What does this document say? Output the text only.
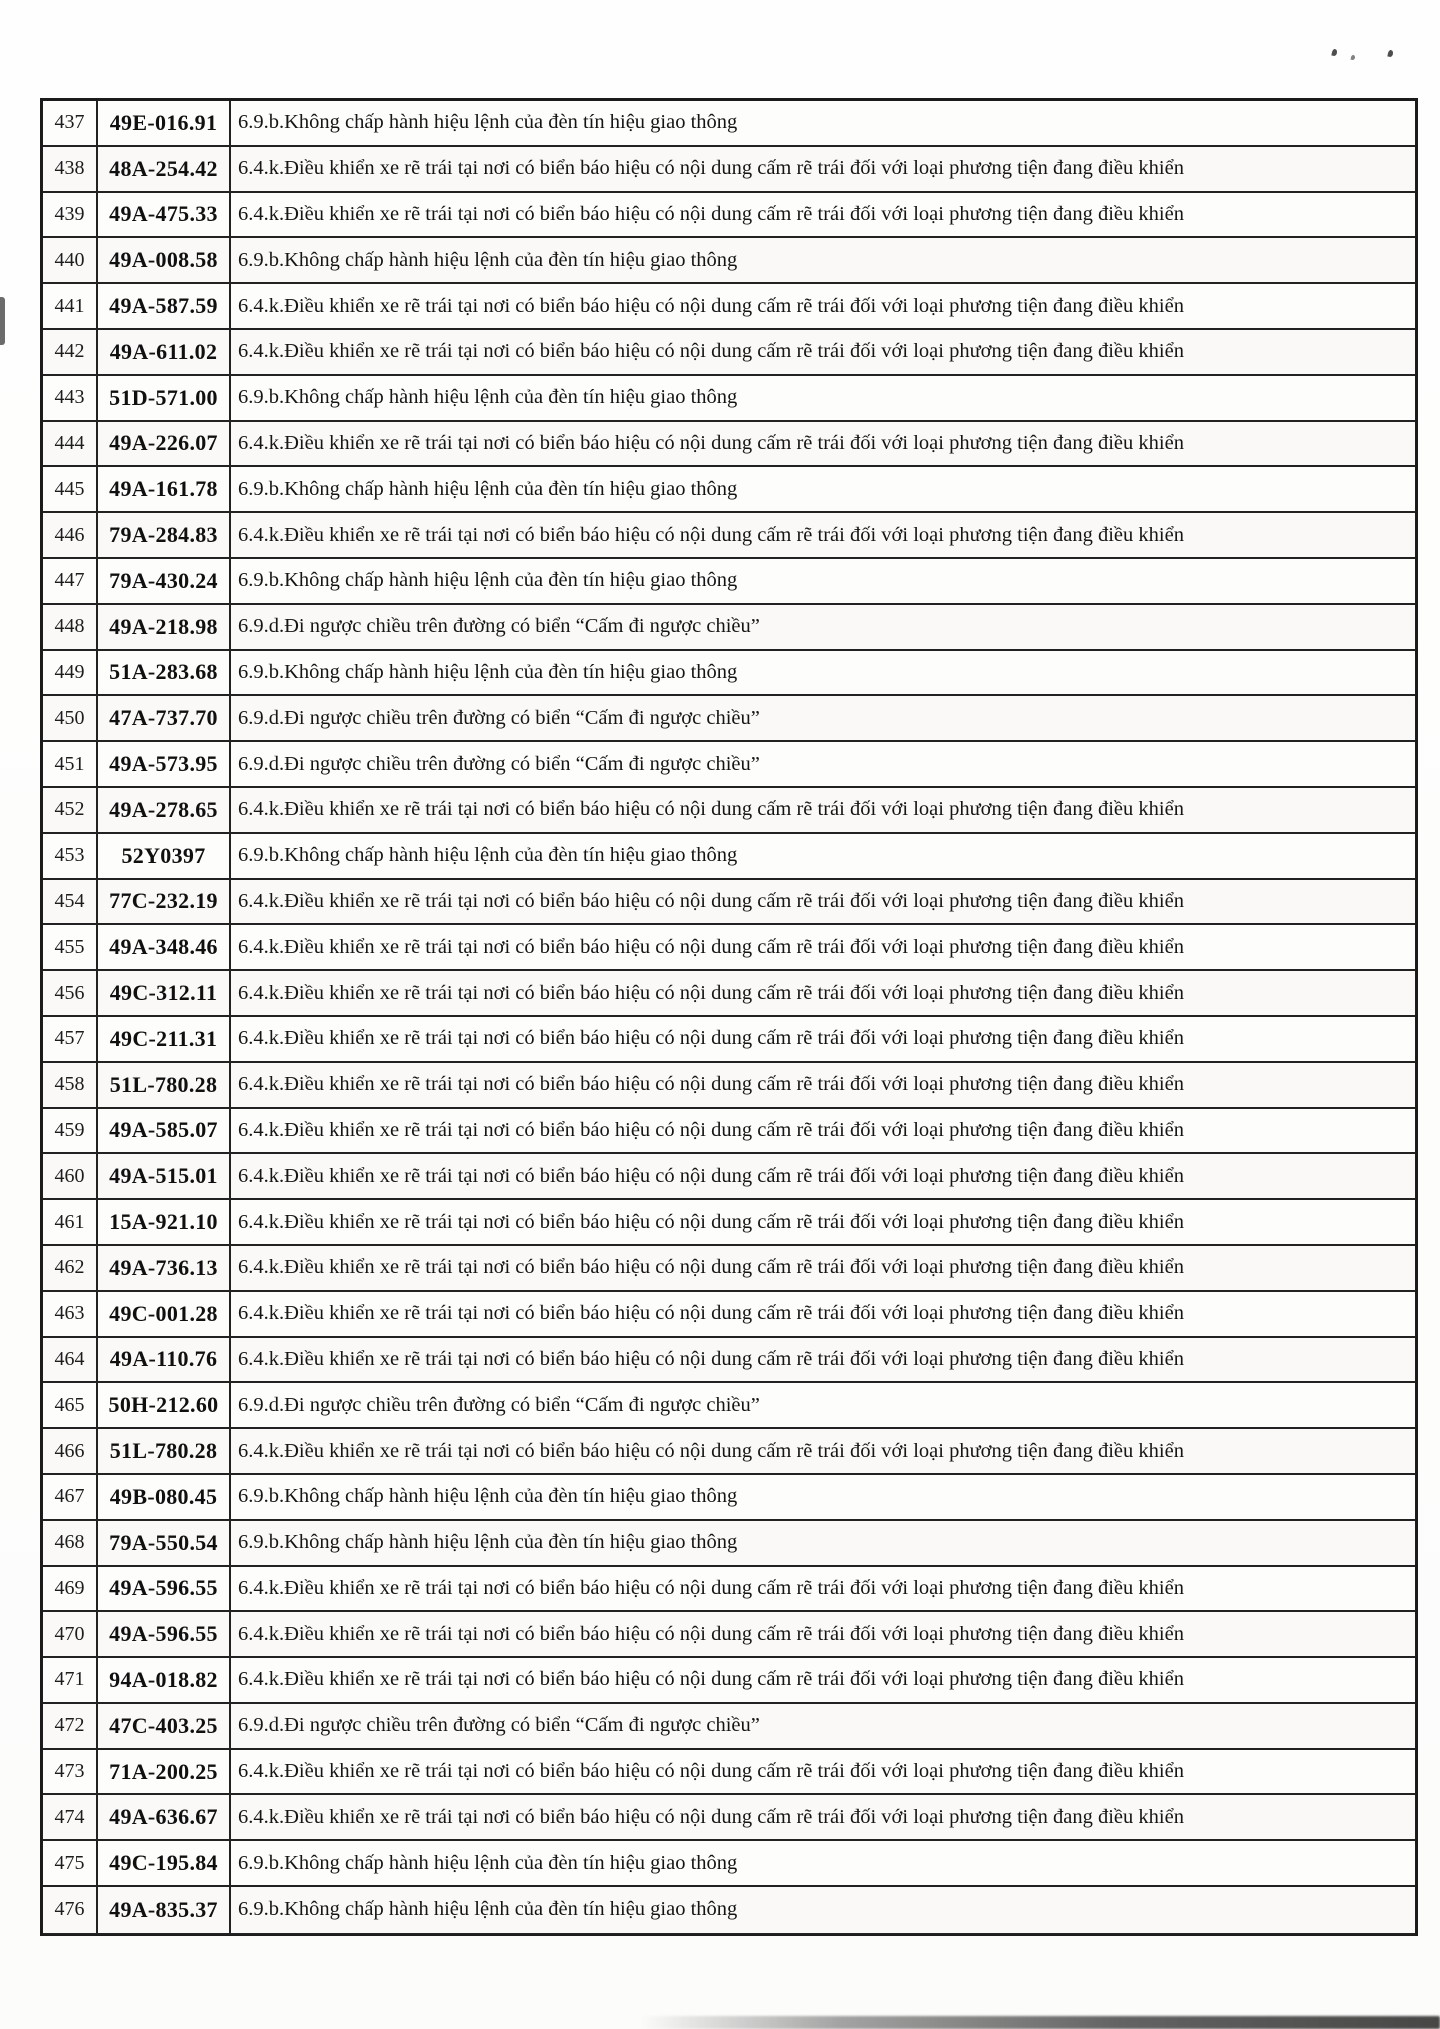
437	49E-016.91	6.9.b.Không chấp hành hiệu lệnh của đèn tín hiệu giao thông
438	48A-254.42 6.4.k.Điều khiển xe rẽ trái tại nơi có biển báo hiệu có nội dung cấm rẽ trái đối với loại phương tiện đang điều khiển
439	49A-475.33 6.4.k.Điều khiển xe rẽ trái tại nơi có biển báo hiệu có nội dung cấm rẽ trái đối với loại phương tiện đang điều khiển
440	49A-008.58 6.9.b.Không chấp hành hiệu lệnh của đèn tín hiệu giao thông
441	49A-587.59 6.4.k.Điều khiển xe rẽ trái tại nơi có biển báo hiệu có nội dung cấm rẽ trái đối với loại phương tiện đang điều khiển
442	49A-611.02	6.4.k.Điều khiển xe rẽ trái tại nơi có biển báo hiệu có nội dung cấm rẽ trái đối với loại phương tiện đang điều khiển
443	51D-571.00 6.9.b.Không chấp hành hiệu lệnh của đèn tín hiệu giao thông
444	49A-226.07 6.4.k.Điều khiển xe rẽ trái tại nơi có biển báo hiệu có nội dung cấm rẽ trái đối với loại phương tiện đang điều khiển
445	49A-161.78 6.9.b.Không chấp hành hiệu lệnh của đèn tín hiệu giao thông
446	79A-284.83 6.4.k.Điều khiển xe rẽ trái tại nơi có biển báo hiệu có nội dung cấm rẽ trái đối với loại phương tiện đang điều khiển
447	79A-430.24 6.9.b.Không chấp hành hiệu lệnh của đèn tín hiệu giao thông
448	49A-218.98 6.9.d.Đi ngược chiều trên đường có biển “Cấm đi ngược chiều”
449	51A-283.68 6.9.b.Không chấp hành hiệu lệnh của đèn tín hiệu giao thông
450	47A-737.70 6.9.d.Đi ngược chiều trên đường có biển “Cấm đi ngược chiều”
451	49A-573.95 6.9.d.Đi ngược chiều trên đường có biển “Cấm đi ngược chiều”
452	49A-278.65 6.4.k.Điều khiển xe rẽ trái tại nơi có biển báo hiệu có nội dung cấm rẽ trái đối với loại phương tiện đang điều khiển
453	52Y0397	6.9.b.Không chấp hành hiệu lệnh của đèn tín hiệu giao thông
454	77C-232.19 6.4.k.Điều khiển xe rẽ trái tại nơi có biển báo hiệu có nội dung cấm rẽ trái đối với loại phương tiện đang điều khiển
455	49A-348.46 6.4.k.Điều khiển xe rẽ trái tại nơi có biển báo hiệu có nội dung cấm rẽ trái đối với loại phương tiện đang điều khiển
456	49C-312.11	6.4.k.Điều khiển xe rẽ trái tại nơi có biển báo hiệu có nội dung cấm rẽ trái đối với loại phương tiện đang điều khiển
457	49C-211.31	6.4.k.Điều khiển xe rẽ trái tại nơi có biển báo hiệu có nội dung cấm rẽ trái đối với loại phương tiện đang điều khiển
458	51L-780.28	6.4.k.Điều khiển xe rẽ trái tại nơi có biển báo hiệu có nội dung cấm rẽ trái đối với loại phương tiện đang điều khiển
459	49A-585.07 6.4.k.Điều khiển xe rẽ trái tại nơi có biển báo hiệu có nội dung cấm rẽ trái đối với loại phương tiện đang điều khiển
460	49A-515.01 6.4.k.Điều khiển xe rẽ trái tại nơi có biển báo hiệu có nội dung cấm rẽ trái đối với loại phương tiện đang điều khiển
461	15A-921.10 6.4.k.Điều khiển xe rẽ trái tại nơi có biển báo hiệu có nội dung cấm rẽ trái đối với loại phương tiện đang điều khiển
462	49A-736.13 6.4.k.Điều khiển xe rẽ trái tại nơi có biển báo hiệu có nội dung cấm rẽ trái đối với loại phương tiện đang điều khiển
463	49C-001.28 6.4.k.Điều khiển xe rẽ trái tại nơi có biển báo hiệu có nội dung cấm rẽ trái đối với loại phương tiện đang điều khiển
464	49A-110.76	6.4.k.Điều khiển xe rẽ trái tại nơi có biển báo hiệu có nội dung cấm rẽ trái đối với loại phương tiện đang điều khiển
465	50H-212.60 6.9.d.Đi ngược chiều trên đường có biển “Cấm đi ngược chiều”
466	51L-780.28	6.4.k.Điều khiển xe rẽ trái tại nơi có biển báo hiệu có nội dung cấm rẽ trái đối với loại phương tiện đang điều khiển
467	49B-080.45	6.9.b.Không chấp hành hiệu lệnh của đèn tín hiệu giao thông
468	79A-550.54 6.9.b.Không chấp hành hiệu lệnh của đèn tín hiệu giao thông
469	49A-596.55 6.4.k.Điều khiển xe rẽ trái tại nơi có biển báo hiệu có nội dung cấm rẽ trái đối với loại phương tiện đang điều khiển
470	49A-596.55 6.4.k.Điều khiển xe rẽ trái tại nơi có biển báo hiệu có nội dung cấm rẽ trái đối với loại phương tiện đang điều khiển
471	94A-018.82 6.4.k.Điều khiển xe rẽ trái tại nơi có biển báo hiệu có nội dung cấm rẽ trái đối với loại phương tiện đang điều khiển
472	47C-403.25 6.9.d.Đi ngược chiều trên đường có biển “Cấm đi ngược chiều”
473	71A-200.25 6.4.k.Điều khiển xe rẽ trái tại nơi có biển báo hiệu có nội dung cấm rẽ trái đối với loại phương tiện đang điều khiển
474	49A-636.67 6.4.k.Điều khiển xe rẽ trái tại nơi có biển báo hiệu có nội dung cấm rẽ trái đối với loại phương tiện đang điều khiển
475	49C-195.84 6.9.b.Không chấp hành hiệu lệnh của đèn tín hiệu giao thông
476	49A-835.37 6.9.b.Không chấp hành hiệu lệnh của đèn tín hiệu giao thông
